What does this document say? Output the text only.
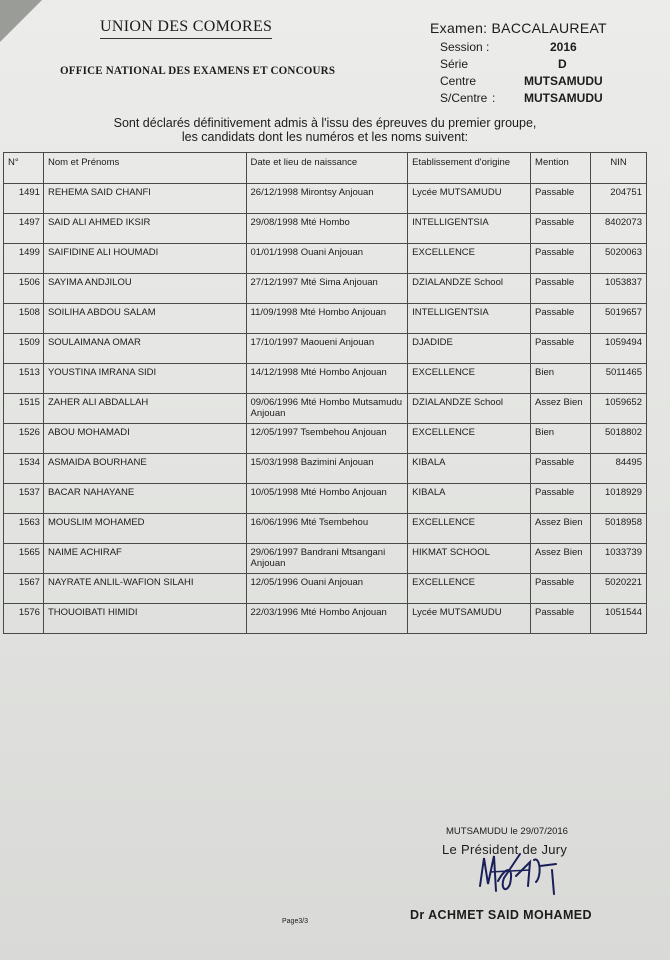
UNION DES COMORES
OFFICE NATIONAL DES EXAMENS ET CONCOURS
Examen: BACCALAUREAT
Session :	2016
Série	D
Centre	MUTSAMUDU
S/Centre : MUTSAMUDU
Sont déclarés définitivement admis à l'issu des épreuves du premier groupe,
les candidats dont les numéros et les noms suivent:
N°	Nom et Prénoms	Date et lieu de naissance	Etablissement d'origine	Mention	NIN
1491	REHEMA SAID CHANFI	26/12/1998 Mirontsy Anjouan	Lycée MUTSAMUDU	Passable	204751
1497	SAID ALI AHMED IKSIR	29/08/1998 Mté Hombo	INTELLIGENTSIA	Passable	8402073
1499	SAIFIDINE ALI HOUMADI	01/01/1998 Ouani Anjouan	EXCELLENCE	Passable	5020063
1506	SAYIMA ANDJILOU	27/12/1997 Mté Sima Anjouan	DZIALANDZE School	Passable	1053837
1508	SOILIHA ABDOU SALAM	11/09/1998 Mté Hombo Anjouan	INTELLIGENTSIA	Passable	5019657
1509	SOULAIMANA OMAR	17/10/1997 Maoueni Anjouan	DJADIDE	Passable	1059494
1513	YOUSTINA IMRANA SIDI	14/12/1998 Mté Hombo Anjouan	EXCELLENCE	Bien	5011465
1515	ZAHER ALI ABDALLAH	09/06/1996 Mté Hombo Mutsamudu Anjouan	DZIALANDZE School	Assez Bien	1059652
1526	ABOU MOHAMADI	12/05/1997 Tsembehou Anjouan	EXCELLENCE	Bien	5018802
1534	ASMAIDA BOURHANE	15/03/1998 Bazimini Anjouan	KIBALA	Passable	84495
1537	BACAR NAHAYANE	10/05/1998 Mté Hombo Anjouan	KIBALA	Passable	1018929
1563	MOUSLIM MOHAMED	16/06/1996 Mté Tsembehou	EXCELLENCE	Assez Bien	5018958
1565	NAIME ACHIRAF	29/06/1997 Bandrani Mtsangani Anjouan	HIKMAT SCHOOL	Assez Bien	1033739
1567	NAYRATE ANLIL-WAFION SILAHI	12/05/1996 Ouani Anjouan	EXCELLENCE	Passable	5020221
1576	THOUOIBATI HIMIDI	22/03/1996 Mté Hombo Anjouan	Lycée MUTSAMUDU	Passable	1051544
MUTSAMUDU le 29/07/2016
Le Président de Jury
Dr ACHMET SAID MOHAMED
Page3/3
